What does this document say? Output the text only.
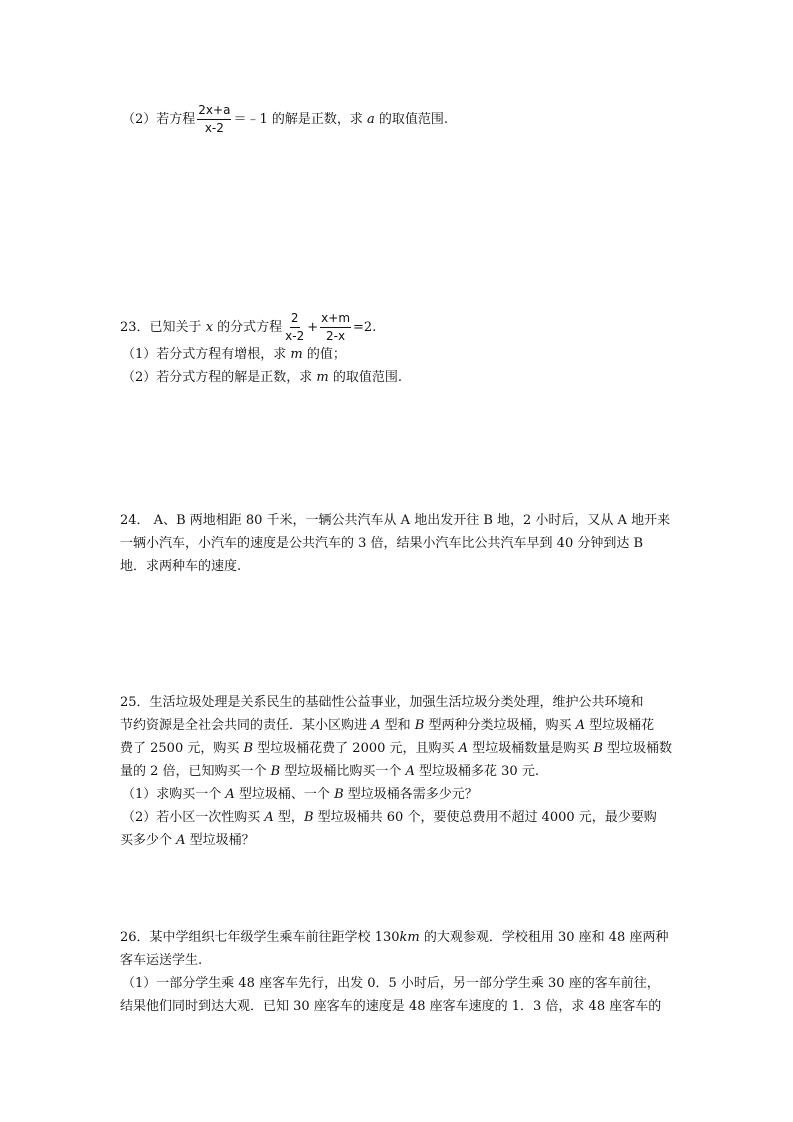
（2）若方程 $\frac{2x+a}{x-2}$ ＝﹣1 的解是正数，求 a 的取值范围.
23．已知关于 x 的分式方程 $\frac{2}{x-2} + \frac{x+m}{2-x} =2$.
（1）若分式方程有增根，求 m 的值；
（2）若分式方程的解是正数，求 m 的取值范围.
24． A、B 两地相距 80 千米，一辆公共汽车从 A 地出发开往 B 地，2 小时后，又从 A 地开来
一辆小汽车，小汽车的速度是公共汽车的 3 倍，结果小汽车比公共汽车早到 40 分钟到达 B
地．求两种车的速度.
25．生活垃圾处理是关系民生的基础性公益事业，加强生活垃圾分类处理，维护公共环境和
节约资源是全社会共同的责任．某小区购进 A 型和 B 型两种分类垃圾桶，购买 A 型垃圾桶花
费了 2500 元，购买 B 型垃圾桶花费了 2000 元，且购买 A 型垃圾桶数量是购买 B 型垃圾桶数
量的 2 倍，已知购买一个 B 型垃圾桶比购买一个 A 型垃圾桶多花 30 元.
（1）求购买一个 A 型垃圾桶、一个 B 型垃圾桶各需多少元？
（2）若小区一次性购买 A 型，B 型垃圾桶共 60 个，要使总费用不超过 4000 元，最少要购
买多少个 A 型垃圾桶？
26．某中学组织七年级学生乘车前往距学校 130km 的大观参观．学校租用 30 座和 48 座两种
客车运送学生.
（1）一部分学生乘 48 座客车先行，出发 0．5 小时后，另一部分学生乘 30 座的客车前往，
结果他们同时到达大观．已知 30 座客车的速度是 48 座客车速度的 1．3 倍，求 48 座客车的
